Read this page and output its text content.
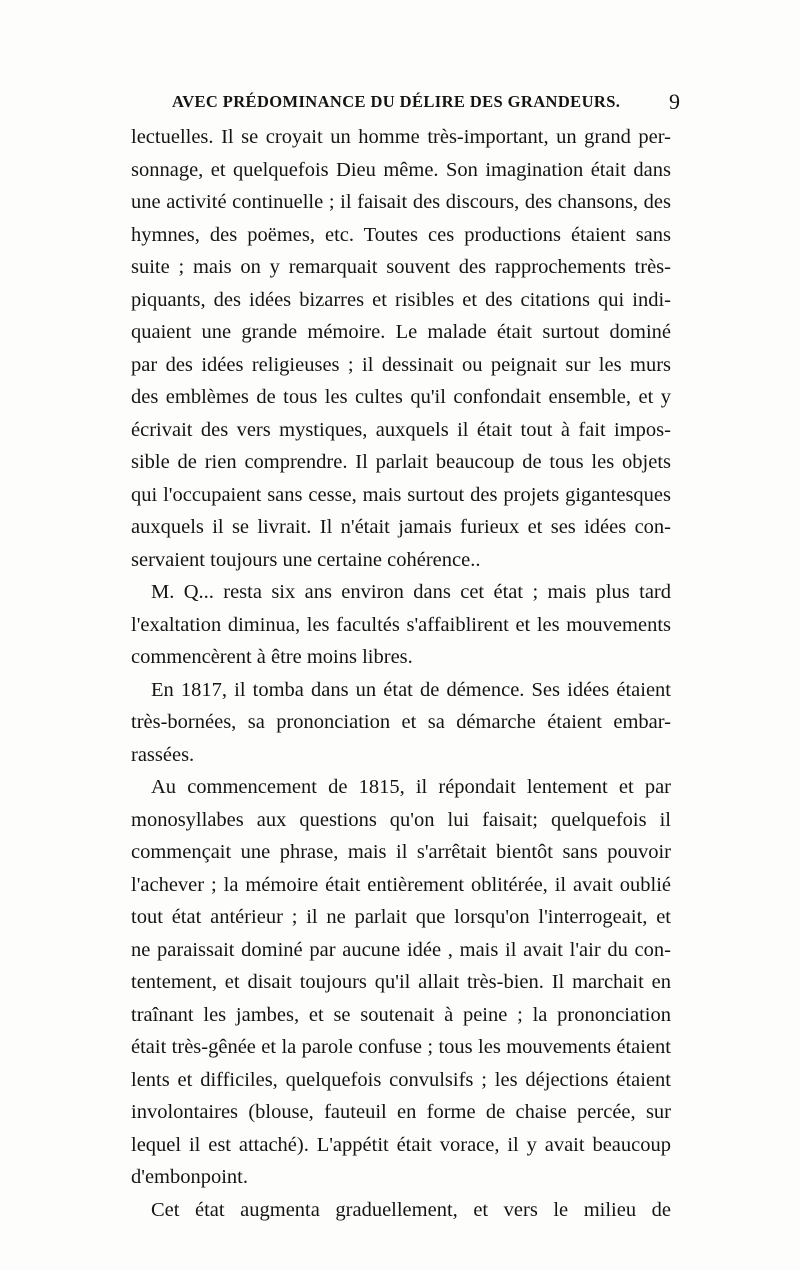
AVEC PRÉDOMINANCE DU DÉLIRE DES GRANDEURS. 9
lectuelles. Il se croyait un homme très-important, un grand per-
sonnage, et quelquefois Dieu même. Son imagination était dans
une activité continuelle ; il faisait des discours, des chansons, des
hymnes, des poëmes, etc. Toutes ces productions étaient sans
suite ; mais on y remarquait souvent des rapprochements très-
piquants, des idées bizarres et risibles et des citations qui indi-
quaient une grande mémoire. Le malade était surtout dominé
par des idées religieuses ; il dessinait ou peignait sur les murs
des emblèmes de tous les cultes qu'il confondait ensemble, et y
écrivait des vers mystiques, auxquels il était tout à fait impos-
sible de rien comprendre. Il parlait beaucoup de tous les objets
qui l'occupaient sans cesse, mais surtout des projets gigantesques
auxquels il se livrait. Il n'était jamais furieux et ses idées con-
servaient toujours une certaine cohérence..
M. Q... resta six ans environ dans cet état ; mais plus tard
l'exaltation diminua, les facultés s'affaiblirent et les mouvements
commencèrent à être moins libres.
En 1817, il tomba dans un état de démence. Ses idées étaient
très-bornées, sa prononciation et sa démarche étaient embar-
rassées.
Au commencement de 1815, il répondait lentement et par
monosyllabes aux questions qu'on lui faisait; quelquefois il
commençait une phrase, mais il s'arrêtait bientôt sans pouvoir
l'achever ; la mémoire était entièrement oblitérée, il avait oublié
tout état antérieur ; il ne parlait que lorsqu'on l'interrogeait, et
ne paraissait dominé par aucune idée , mais il avait l'air du con-
tentement, et disait toujours qu'il allait très-bien. Il marchait en
traînant les jambes, et se soutenait à peine ; la prononciation
était très-gênée et la parole confuse ; tous les mouvements étaient
lents et difficiles, quelquefois convulsifs ; les déjections étaient
involontaires (blouse, fauteuil en forme de chaise percée, sur
lequel il est attaché). L'appétit était vorace, il y avait beaucoup
d'embonpoint.
Cet état augmenta graduellement, et vers le milieu de
